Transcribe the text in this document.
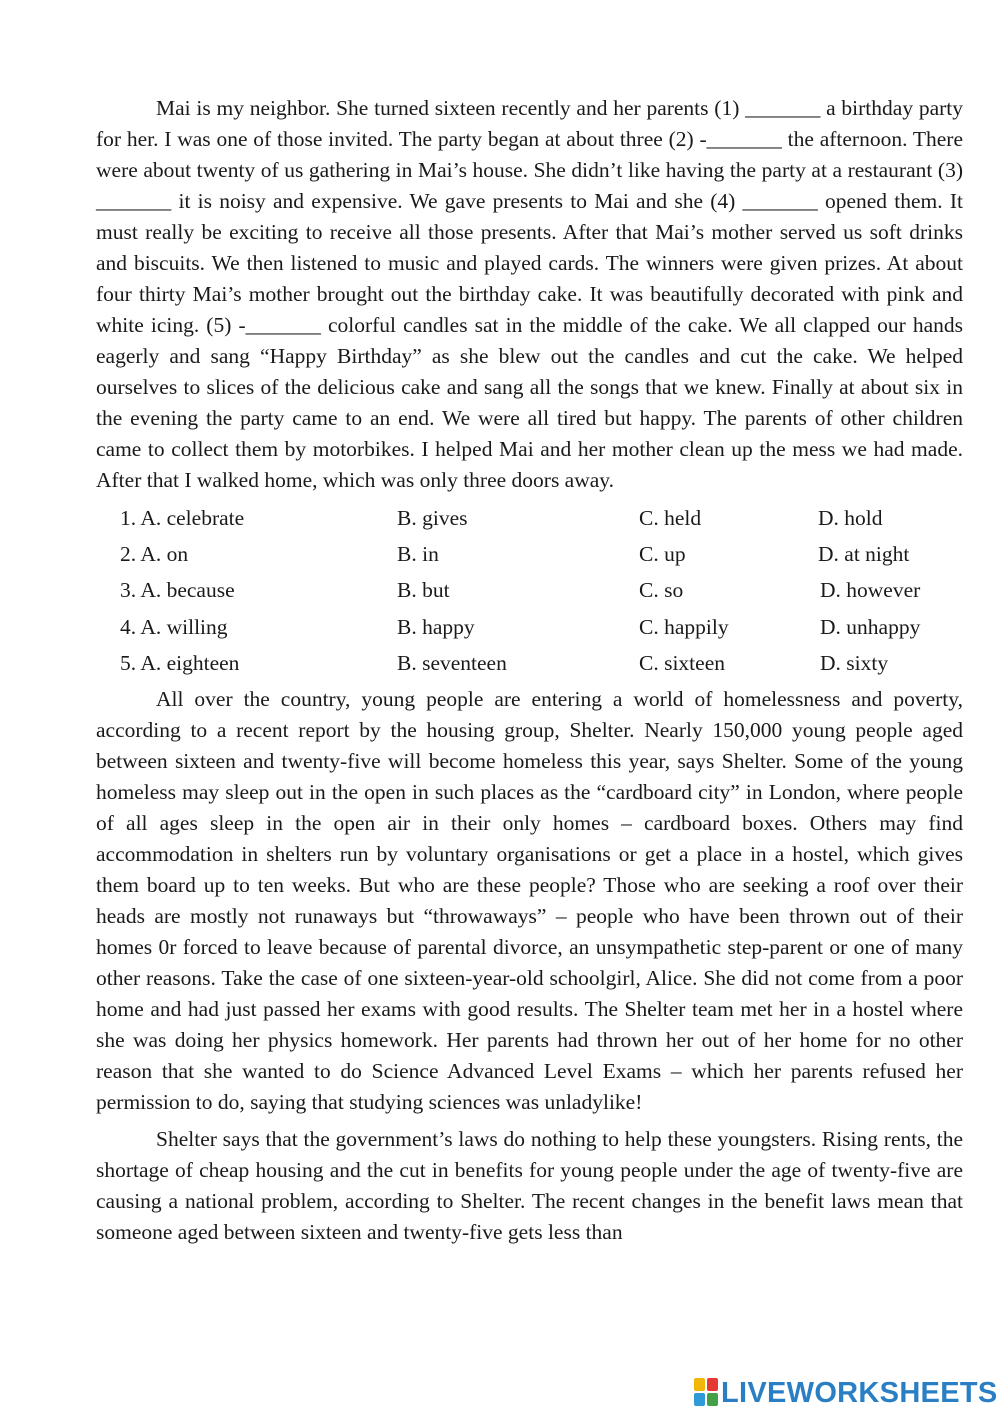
Mai is my neighbor. She turned sixteen recently and her parents (1) _______ a birthday party for her. I was one of those invited. The party began at about three (2) -_______ the afternoon. There were about twenty of us gathering in Mai’s house. She didn’t like having the party at a restaurant (3) _______ it is noisy and expensive. We gave presents to Mai and she (4) _______ opened them. It must really be exciting to receive all those presents. After that Mai’s mother served us soft drinks and biscuits. We then listened to music and played cards. The winners were given prizes. At about four thirty Mai’s mother brought out the birthday cake. It was beautifully decorated with pink and white icing. (5) -_______ colorful candles sat in the middle of the cake. We all clapped our hands eagerly and sang “Happy Birthday” as she blew out the candles and cut the cake. We helped ourselves to slices of the delicious cake and sang all the songs that we knew. Finally at about six in the evening the party came to an end. We were all tired but happy. The parents of other children came to collect them by motorbikes. I helped Mai and her mother clean up the mess we had made. After that I walked home, which was only three doors away.

1. A. celebrate	B. gives	C. held	D. hold
2. A. on	B. in	C. up	D. at night
3. A. because	B. but	C. so	D. however
4. A. willing	B. happy	C. happily	D. unhappy
5. A. eighteen	B. seventeen	C. sixteen	D. sixty

All over the country, young people are entering a world of homelessness and poverty, according to a recent report by the housing group, Shelter. Nearly 150,000 young people aged between sixteen and twenty-five will become homeless this year, says Shelter. Some of the young homeless may sleep out in the open in such places as the “cardboard city” in London, where people of all ages sleep in the open air in their only homes – cardboard boxes. Others may find accommodation in shelters run by voluntary organisations or get a place in a hostel, which gives them board up to ten weeks. But who are these people? Those who are seeking a roof over their heads are mostly not runaways but “throwaways” – people who have been thrown out of their homes 0r forced to leave because of parental divorce, an unsympathetic step-parent or one of many other reasons. Take the case of one sixteen-year-old schoolgirl, Alice. She did not come from a poor home and had just passed her exams with good results. The Shelter team met her in a hostel where she was doing her physics homework. Her parents had thrown her out of her home for no other reason that she wanted to do Science Advanced Level Exams – which her parents refused her permission to do, saying that studying sciences was unladylike!

Shelter says that the government’s laws do nothing to help these youngsters. Rising rents, the shortage of cheap housing and the cut in benefits for young people under the age of twenty-five are causing a national problem, according to Shelter. The recent changes in the benefit laws mean that someone aged between sixteen and twenty-five gets less than

LIVEWORKSHEETS
